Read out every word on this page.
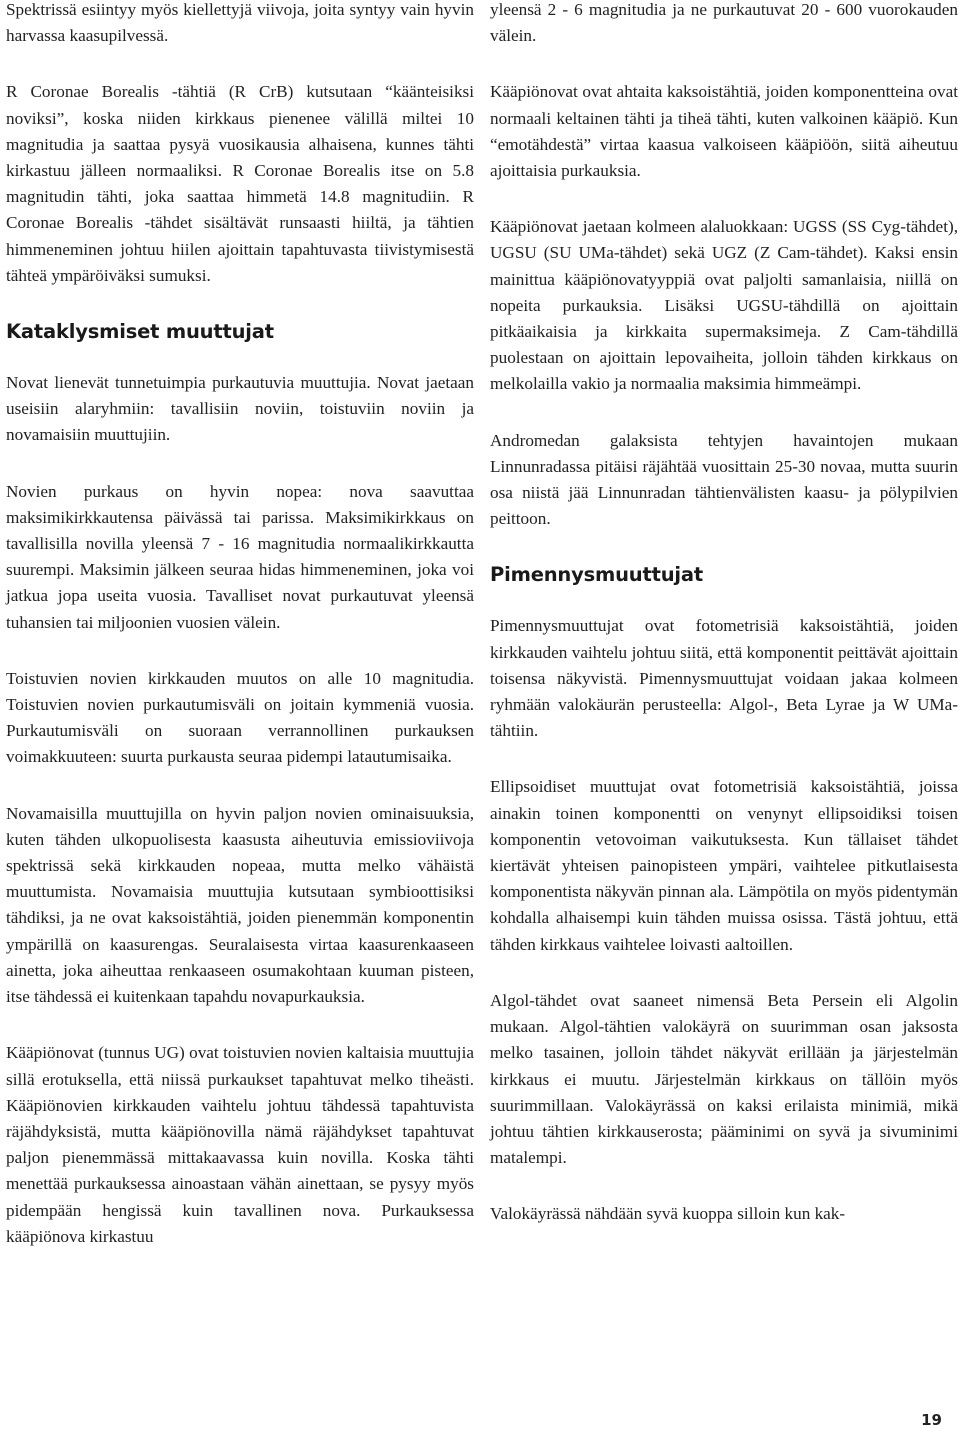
Spektrissä esiintyy myös kiellettyjä viivoja, joita syntyy vain hyvin harvassa kaasupilvessä.

R Coronae Borealis -tähtiä (R CrB) kutsutaan “käänteisiksi noviksi”, koska niiden kirkkaus pienenee välillä miltei 10 magnitudia ja saattaa pysyä vuosikausia alhaisena, kunnes tähti kirkastuu jälleen normaaliksi. R Coronae Borealis itse on 5.8 magnitudin tähti, joka saattaa himmetä 14.8 magnitudiin. R Coronae Borealis -tähdet sisältävät runsaasti hiiltä, ja tähtien himmeneminen johtuu hiilen ajoittain tapahtuvasta tiivistymisestä tähteä ympäröiväksi sumuksi.

Kataklysmiset muuttujat

Novat lienevät tunnetuimpia purkautuvia muuttujia. Novat jaetaan useisiin alaryhmiin: tavallisiin noviin, toistuviin noviin ja novamaisiin muuttujiin.

Novien purkaus on hyvin nopea: nova saavuttaa maksimikirkkautensa päivässä tai parissa. Maksimikirkkaus on tavallisilla novilla yleensä 7 - 16 magnitudia normaalikirkkautta suurempi. Maksimin jälkeen seuraa hidas himmeneminen, joka voi jatkua jopa useita vuosia. Tavalliset novat purkautuvat yleensä tuhansien tai miljoonien vuosien välein.

Toistuvien novien kirkkauden muutos on alle 10 magnitudia. Toistuvien novien purkautumisväli on joitain kymmeniä vuosia. Purkautumisväli on suoraan verrannollinen purkauksen voimakkuuteen: suurta purkausta seuraa pidempi latautumisaika.

Novamaisilla muuttujilla on hyvin paljon novien ominaisuuksia, kuten tähden ulkopuolisesta kaasusta aiheutuvia emissioviivoja spektrissä sekä kirkkauden nopeaa, mutta melko vähäistä muuttumista. Novamaisia muuttujia kutsutaan symbioottisiksi tähdiksi, ja ne ovat kaksoistähtiä, joiden pienemmän komponentin ympärillä on kaasurengas. Seuralaisesta virtaa kaasurenkaaseen ainetta, joka aiheuttaa renkaaseen osumakohtaan kuuman pisteen, itse tähdessä ei kuitenkaan tapahdu novapurkauksia.

Kääpiönovat (tunnus UG) ovat toistuvien novien kaltaisia muuttujia sillä erotuksella, että niissä purkaukset tapahtuvat melko tiheästi. Kääpiönovien kirkkauden vaihtelu johtuu tähdessä tapahtuvista räjähdyksistä, mutta kääpiönovilla nämä räjähdykset tapahtuvat paljon pienemmässä mittakaavassa kuin novilla. Koska tähti menettää purkauksessa ainoastaan vähän ainettaan, se pysyy myös pidempään hengissä kuin tavallinen nova. Purkauksessa kääpiönova kirkastuu

yleensä 2 - 6 magnitudia ja ne purkautuvat 20 - 600 vuorokauden välein.

Kääpiönovat ovat ahtaita kaksoistähtiä, joiden komponentteina ovat normaali keltainen tähti ja tiheä tähti, kuten valkoinen kääpiö. Kun “emotähdestä” virtaa kaasua valkoiseen kääpiöön, siitä aiheutuu ajoittaisia purkauksia.

Kääpiönovat jaetaan kolmeen alaluokkaan: UGSS (SS Cyg-tähdet), UGSU (SU UMa-tähdet) sekä UGZ (Z Cam-tähdet). Kaksi ensin mainittua kääpiönovatyyppiä ovat paljolti samanlaisia, niillä on nopeita purkauksia. Lisäksi UGSU-tähdillä on ajoittain pitkäaikaisia ja kirkkaita supermaksimeja. Z Cam-tähdillä puolestaan on ajoittain lepovaiheita, jolloin tähden kirkkaus on melkolailla vakio ja normaalia maksimia himmeämpi.

Andromedan galaksista tehtyjen havaintojen mukaan Linnunradassa pitäisi räjähtää vuosittain 25-30 novaa, mutta suurin osa niistä jää Linnunradan tähtienvälisten kaasu- ja pölypilvien peittoon.

Pimennysmuuttujat

Pimennysmuuttujat ovat fotometrisiä kaksoistähtiä, joiden kirkkauden vaihtelu johtuu siitä, että komponentit peittävät ajoittain toisensa näkyvistä. Pimennysmuuttujat voidaan jakaa kolmeen ryhmään valokäurän perusteella: Algol-, Beta Lyrae ja W UMa-tähtiin.

Ellipsoidiset muuttujat ovat fotometrisiä kaksoistähtiä, joissa ainakin toinen komponentti on venynyt ellipsoidiksi toisen komponentin vetovoiman vaikutuksesta. Kun tällaiset tähdet kiertävät yhteisen painopisteen ympäri, vaihtelee pitkutlaisesta komponentista näkyvän pinnan ala. Lämpötila on myös pidentymän kohdalla alhaisempi kuin tähden muissa osissa. Tästä johtuu, että tähden kirkkaus vaihtelee loivasti aaltoillen.

Algol-tähdet ovat saaneet nimensä Beta Persein eli Algolin mukaan. Algol-tähtien valokäyrä on suurimman osan jaksosta melko tasainen, jolloin tähdet näkyvät erillään ja järjestelmän kirkkaus ei muutu. Järjestelmän kirkkaus on tällöin myös suurimmillaan. Valokäyrässä on kaksi erilaista minimiä, mikä johtuu tähtien kirkkauserosta; pääminimi on syvä ja sivuminimi matalempi.

Valokäyrässä nähdään syvä kuoppa silloin kun kak-

19
